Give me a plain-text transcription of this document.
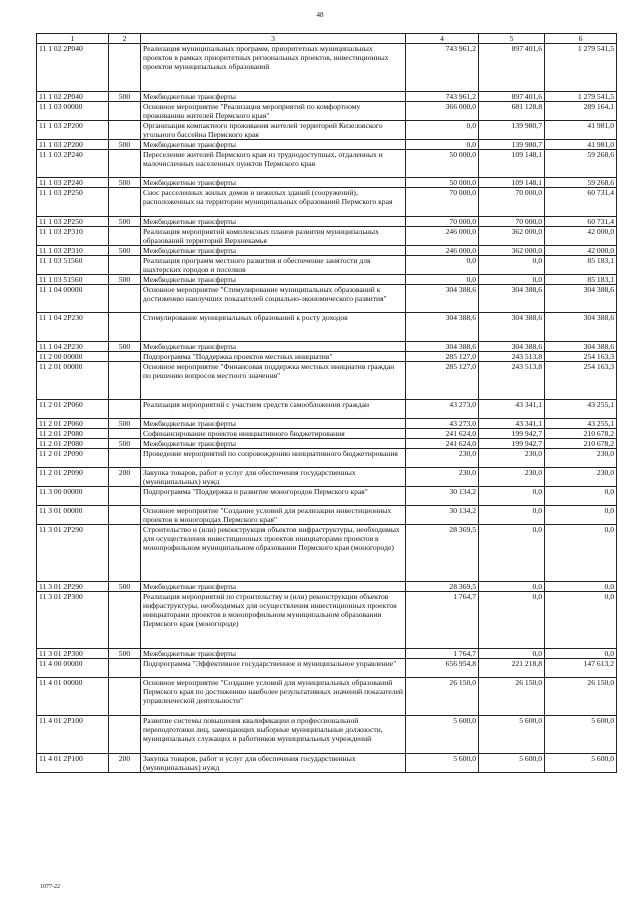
48
1	2	3	4	5	6
11 1 02 2Р040		Реализация муниципальных программ, приоритетных муниципальных проектов в рамках приоритетных региональных проектов, инвестиционных проектов муниципальных образований	743 961,2	897 401,6	1 279 541,5
11 1 02 2Р040	500	Межбюджетные трансферты	743 961,2	897 401,6	1 279 541,5
11 1 03 00000		Основное мероприятие "Реализация мероприятий по комфортному проживанию жителей Пермского края"	366 000,0	681 128,8	289 164,1
11 1 03 2Р200		Организация компактного проживания жителей территорий Кизеловского угольного бассейна Пермского края	0,0	139 980,7	41 981,0
11 1 03 2Р200	500	Межбюджетные трансферты	0,0	139 980,7	41 981,0
11 1 03 2Р240		Переселение жителей Пермского края из труднодоступных, отдаленных и малочисленных населенных пунктов Пермского края	50 000,0	109 148,1	59 268,6
11 1 03 2Р240	500	Межбюджетные трансферты	50 000,0	109 148,1	59 268,6
11 1 03 2Р250		Снос расселенных жилых домов и нежилых зданий (сооружений), расположенных на территории муниципальных образований Пермского края	70 000,0	70 000,0	60 731,4
11 1 03 2Р250	500	Межбюджетные трансферты	70 000,0	70 000,0	60 731,4
11 1 03 2Р310		Реализация мероприятий комплексных планов развития муниципальных образований территорий Верхнекамья	246 000,0	362 000,0	42 000,0
11 1 03 2Р310	500	Межбюджетные трансферты	246 000,0	362 000,0	42 000,0
11 1 03 51560		Реализация программ местного развития и обеспечение занятости для шахтерских городов и поселков	0,0	0,0	85 183,1
11 1 03 51560	500	Межбюджетные трансферты	0,0	0,0	85 183,1
11 1 04 00000		Основное мероприятие "Стимулирование муниципальных образований к достижению наилучших показателей социально-экономического развития"	304 388,6	304 388,6	304 388,6
11 1 04 2Р230		Стимулирование муниципальных образований к росту доходов	304 388,6	304 388,6	304 388,6
11 1 04 2Р230	500	Межбюджетные трансферты	304 388,6	304 388,6	304 388,6
11 2 00 00000		Подпрограмма "Поддержка проектов местных инициатив"	285 127,0	243 513,8	254 163,3
11 2 01 00000		Основное мероприятие "Финансовая поддержка местных инициатив граждан по решению вопросов местного значения"	285 127,0	243 513,8	254 163,3
11 2 01 2Р060		Реализация мероприятий с участием средств самообложения граждан	43 273,0	43 341,1	43 255,1
11 2 01 2Р060	500	Межбюджетные трансферты	43 273,0	43 341,1	43 255,1
11 2 01 2Р080		Софинансирование проектов инициативного бюджетирования	241 624,0	199 942,7	210 678,2
11 2 01 2Р080	500	Межбюджетные трансферты	241 624,0	199 942,7	210 678,2
11 2 01 2Р090		Проведение мероприятий по сопровождению инициативного бюджетирования	230,0	230,0	230,0
11 2 01 2Р090	200	Закупка товаров, работ и услуг для обеспечения государственных (муниципальных) нужд	230,0	230,0	230,0
11 3 00 00000		Подпрограмма "Поддержка и развитие моногородов Пермского края"	30 134,2	0,0	0,0
11 3 01 00000		Основное мероприятие "Создание условий для реализации инвестиционных проектов в моногородах Пермского края"	30 134,2	0,0	0,0
11 3 01 2Р290		Строительство и (или) реконструкция объектов инфраструктуры, необходимых для осуществления инвестиционных проектов инициаторами проектов в монопрофильном муниципальном образовании Пермского края (моногороде)	28 369,5	0,0	0,0
11 3 01 2Р290	500	Межбюджетные трансферты	28 369,5	0,0	0,0
11 3 01 2Р300		Реализация мероприятий по строительству и (или) реконструкции объектов инфраструктуры, необходимых для осуществления инвестиционных проектов инициаторами проектов в монопрофильном муниципальном образовании Пермского края (моногороде)	1 764,7	0,0	0,0
11 3 01 2Р300	500	Межбюджетные трансферты	1 764,7	0,0	0,0
11 4 00 00000		Подпрограмма "Эффективное государственное и муниципальное управление"	656 954,8	221 218,8	147 613,2
11 4 01 00000		Основное мероприятие "Создание условий для муниципальных образований Пермского края по достижению наиболее результативных значений показателей управленческой деятельности"	26 150,0	26 150,0	26 150,0
11 4 01 2Р100		Развитие системы повышения квалификации и профессиональной переподготовки лиц, замещающих выборные муниципальные должности, муниципальных служащих и работников муниципальных учреждений	5 600,0	5 600,0	5 600,0
11 4 01 2Р100	200	Закупка товаров, работ и услуг для обеспечения государственных (муниципальных) нужд	5 600,0	5 600,0	5 600,0
1077-22
